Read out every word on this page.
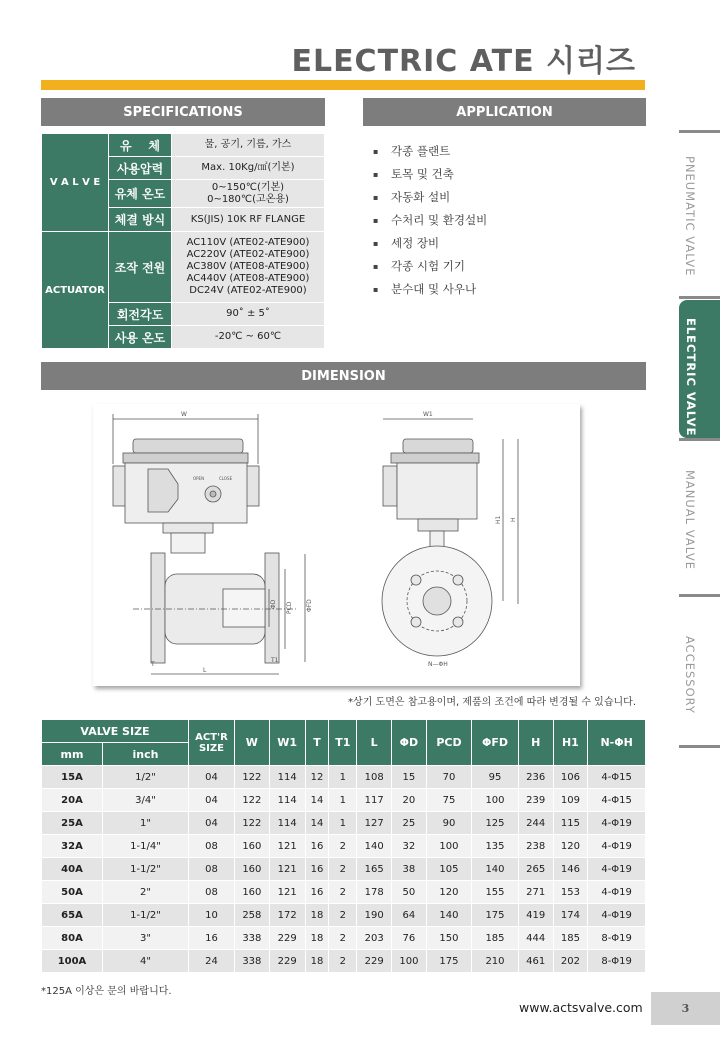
ELECTRIC ATE 시리즈
SPECIFICATIONS	APPLICATION
V A L V E	유    체	물, 공기, 기름, 가스
	사용압력	Max. 10Kg/㎠(기본)
	유체 온도	0~150℃(기본)
0~180℃(고온용)
	체결 방식	KS(JIS) 10K RF FLANGE
ACTUATOR	조작 전원	AC110V (ATE02-ATE900)
AC220V (ATE02-ATE900)
AC380V (ATE08-ATE900)
AC440V (ATE08-ATE900)
DC24V (ATE02-ATE900)
	회전각도	90˚ ± 5˚
	사용 온도	-20℃ ~ 60℃
▪ 각종 플랜트
▪ 토목 및 건축
▪ 자동화 설비
▪ 수처리 및 환경설비
▪ 세정 장비
▪ 각종 시험 기기
▪ 분수대 및 사우나
PNEUMATIC VALVE
ELECTRIC VALVE
MANUAL VALVE
ACCESSORY
DIMENSION
W
OPEN	CLOSE
L
T
T1
ΦD PCD ΦFD
W1
N—ΦH
H1 H
*상기 도면은 참고용이며, 제품의 조건에 따라 변경될 수 있습니다.
VALVE SIZE		ACT'R
SIZE	W	W1	T	T1	L	ΦD	PCD	ΦFD	H	H1	N-ΦH
mm	inch												
15A	1/2"	04	122	114	12	1	108	15	70	95	236	106	4-Φ15
20A	3/4"	04	122	114	14	1	117	20	75	100	239	109	4-Φ15
25A	1"	04	122	114	14	1	127	25	90	125	244	115	4-Φ19
32A	1-1/4"	08	160	121	16	2	140	32	100	135	238	120	4-Φ19
40A	1-1/2"	08	160	121	16	2	165	38	105	140	265	146	4-Φ19
50A	2"	08	160	121	16	2	178	50	120	155	271	153	4-Φ19
65A	1-1/2"	10	258	172	18	2	190	64	140	175	419	174	4-Φ19
80A	3"	16	338	229	18	2	203	76	150	185	444	185	8-Φ19
100A	4"	24	338	229	18	2	229	100	175	210	461	202	8-Φ19
*125A 이상은 문의 바랍니다.
www.actsvalve.com	3
